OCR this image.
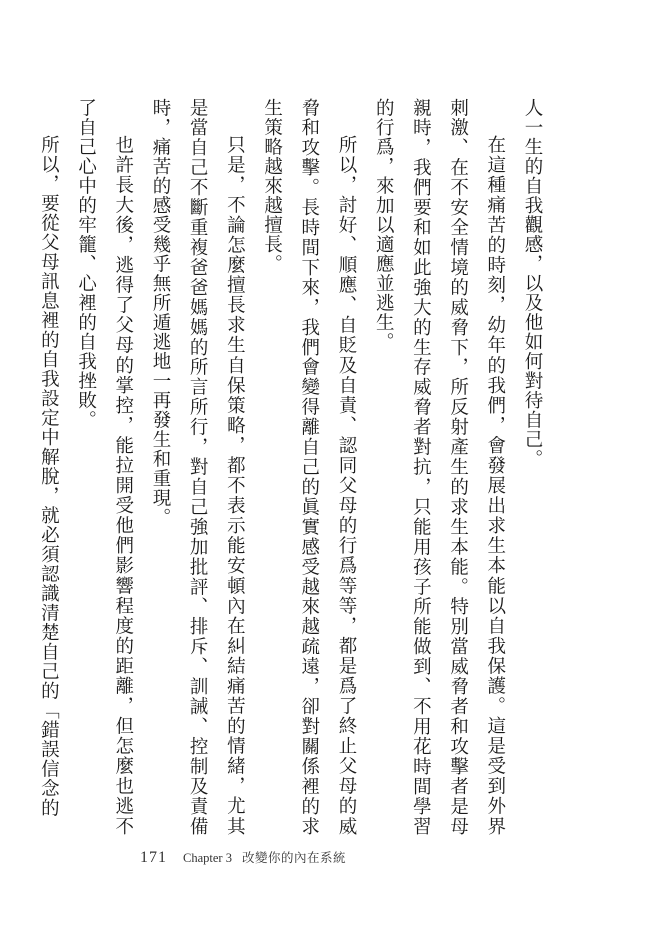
人一生的自我觀感，以及他如何對待自己。

在這種痛苦的時刻，幼年的我們，會發展出求生本能以自我保護。這是受到外界刺激、在不安全情境的威脅下，所反射產生的求生本能。特別當威脅者和攻擊者是母親時，我們要和如此強大的生存威脅者對抗，只能用孩子所能做到、不用花時間學習的行爲，來加以適應並逃生。

所以，討好、順應、自貶及自責、認同父母的行爲等等，都是爲了終止父母的威脅和攻擊。長時間下來，我們會變得離自己的眞實感受越來越疏遠，卻對關係裡的求生策略越來越擅長。

只是，不論怎麼擅長求生自保策略，都不表示能安頓內在糾結痛苦的情緒，尤其是當自己不斷重複爸爸媽媽的所言所行，對自己強加批評、排斥、訓誡、控制及責備時，痛苦的感受幾乎無所遁逃地一再發生和重現。

也許長大後，逃得了父母的掌控，能拉開受他們影響程度的距離，但怎麼也逃不了自己心中的牢籠、心裡的自我挫敗。

所以，要從父母訊息裡的自我設定中解脫，就必須認識清楚自己的「錯誤信念的

171 Chapter 3 改變你的內在系統
